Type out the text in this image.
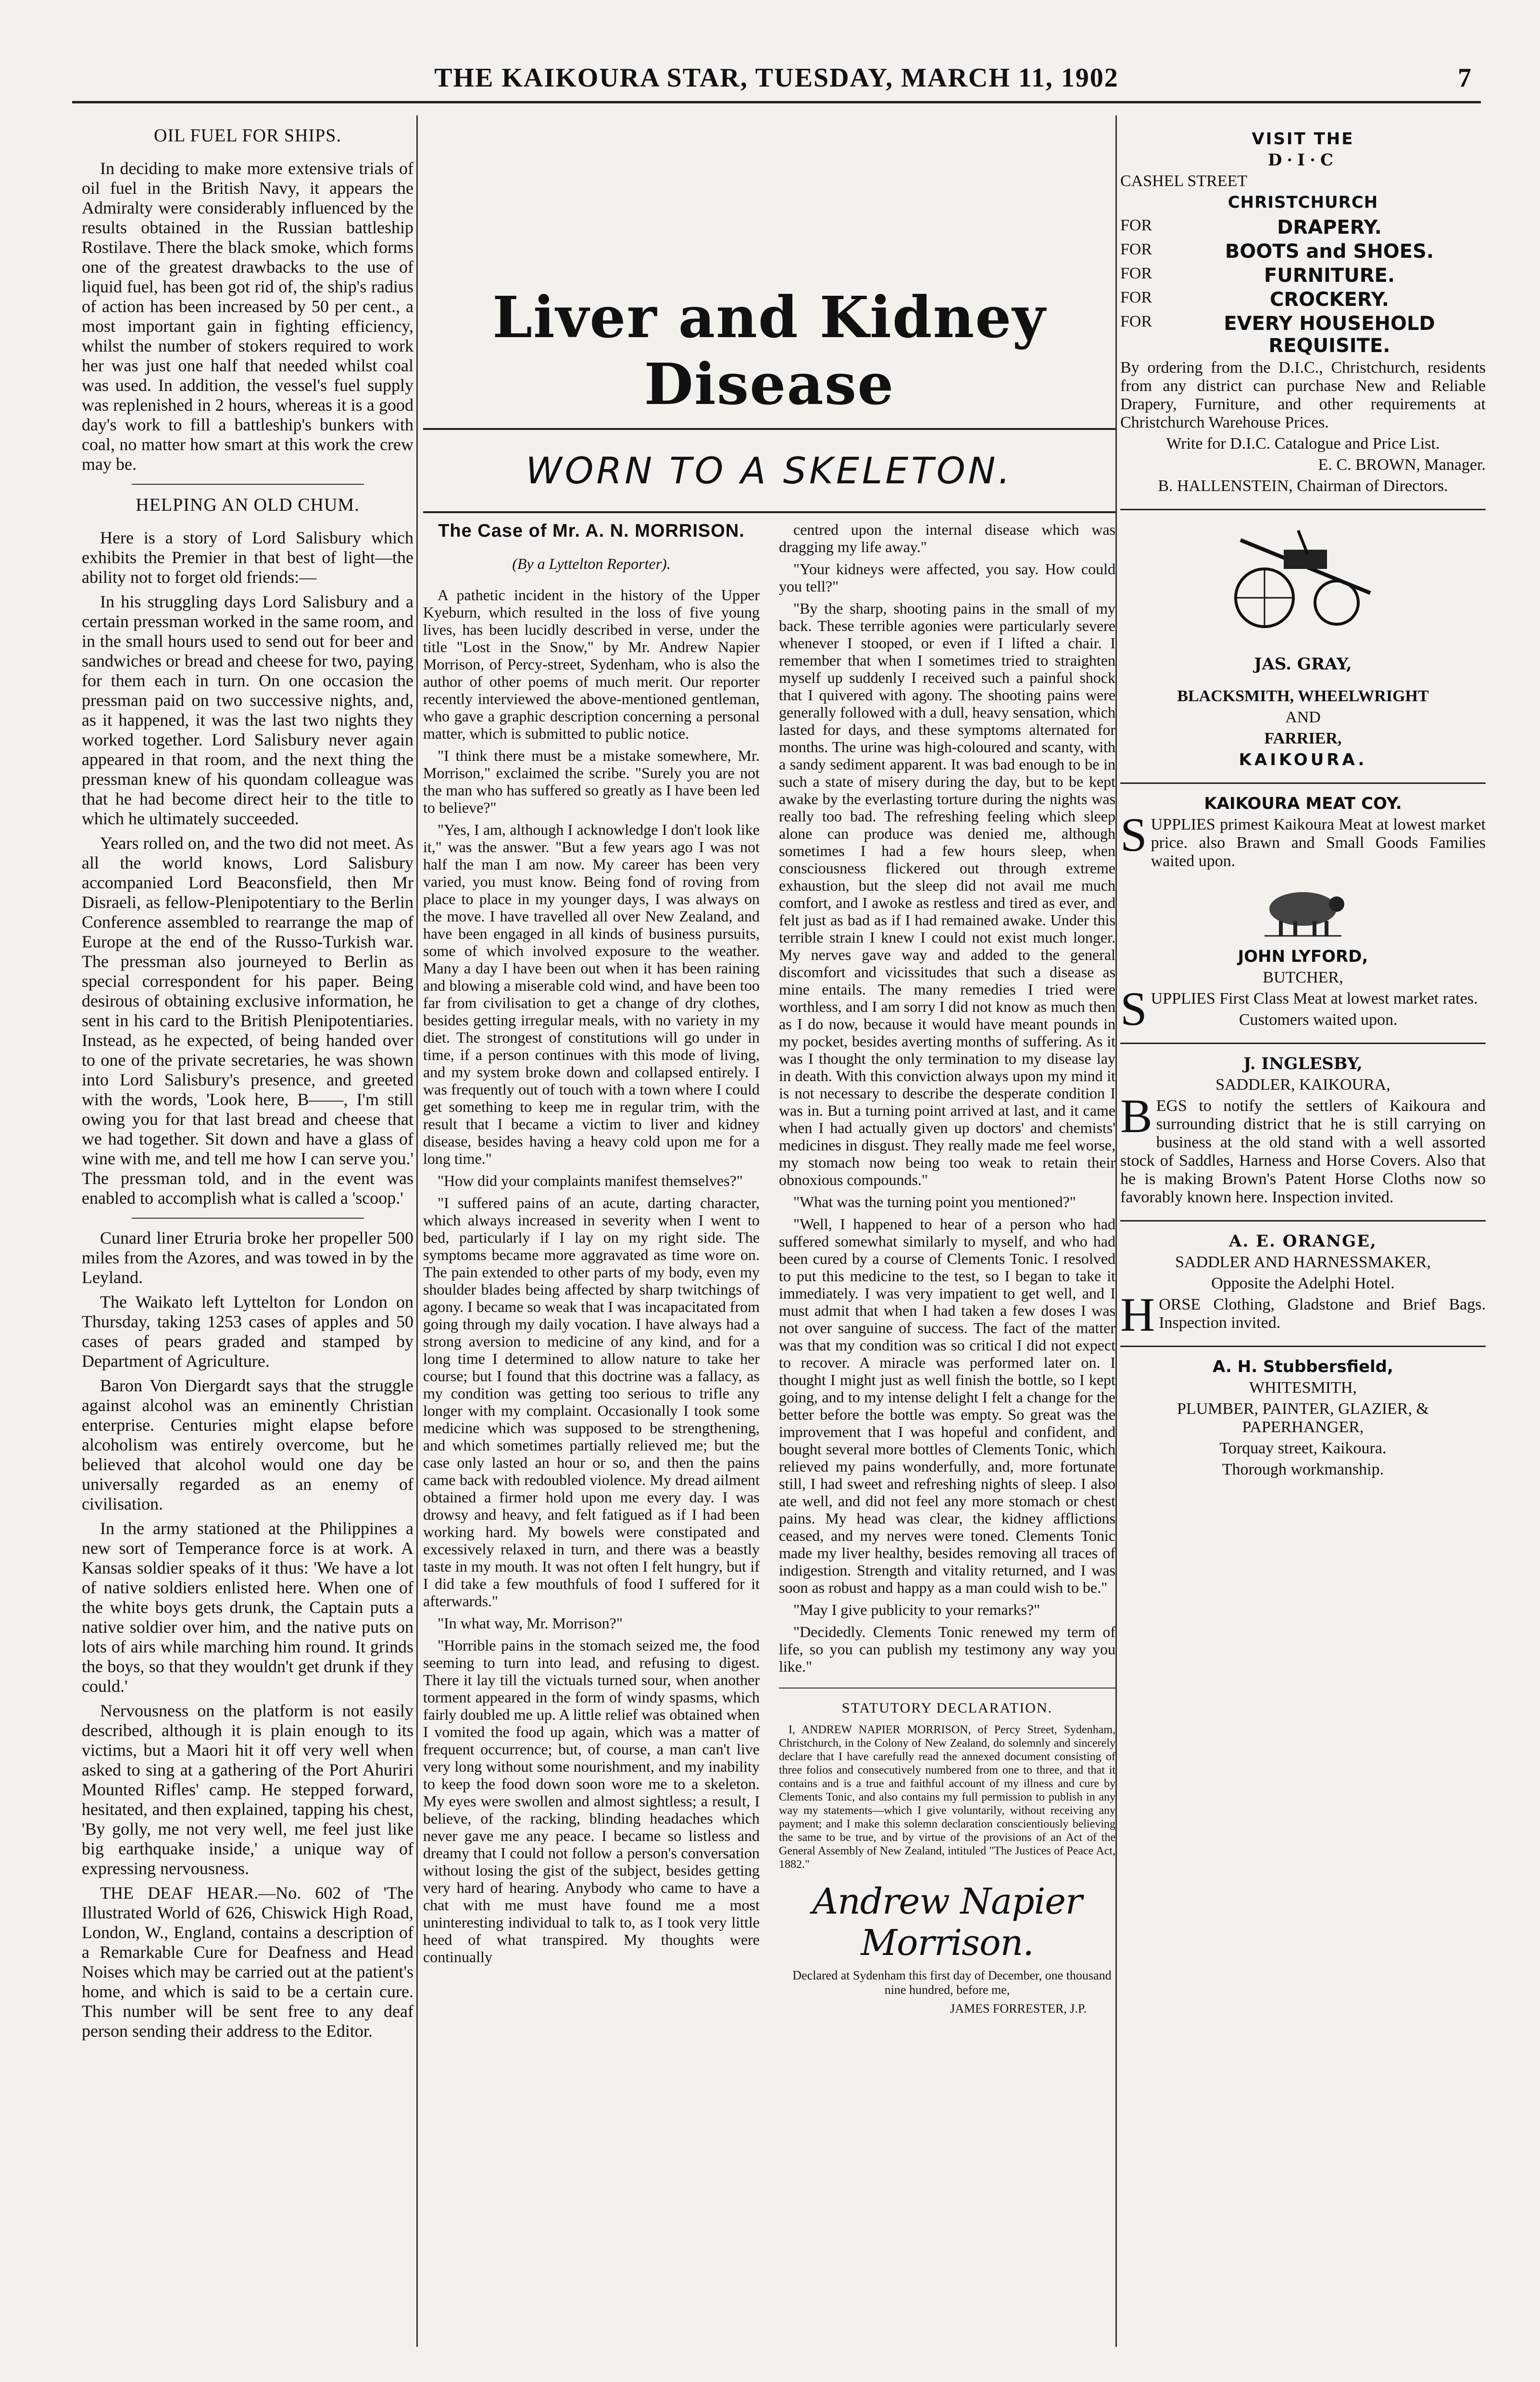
THE KAIKOURA STAR, TUESDAY, MARCH 11, 1902	7
OIL FUEL FOR SHIPS.

In deciding to make more extensive trials of oil fuel in the British Navy, it appears the Admiralty were considerably influenced by the results obtained in the Russian battleship Rostilave. There the black smoke, which forms one of the greatest drawbacks to the use of liquid fuel, has been got rid of, the ship's radius of action has been increased by 50 per cent., a most important gain in fighting efficiency, whilst the number of stokers required to work her was just one half that needed whilst coal was used. In addition, the vessel's fuel supply was replenished in 2 hours, whereas it is a good day's work to fill a battleship's bunkers with coal, no matter how smart at this work the crew may be.

HELPING AN OLD CHUM.

Here is a story of Lord Salisbury which exhibits the Premier in that best of light—the ability not to forget old friends:—

In his struggling days Lord Salisbury and a certain pressman worked in the same room, and in the small hours used to send out for beer and sandwiches or bread and cheese for two, paying for them each in turn. On one occasion the pressman paid on two successive nights, and, as it happened, it was the last two nights they worked together. Lord Salisbury never again appeared in that room, and the next thing the pressman knew of his quondam colleague was that he had become direct heir to the title to which he ultimately succeeded.

Years rolled on, and the two did not meet. As all the world knows, Lord Salisbury accompanied Lord Beaconsfield, then Mr Disraeli, as fellow-Plenipotentiary to the Berlin Conference assembled to rearrange the map of Europe at the end of the Russo-Turkish war. The pressman also journeyed to Berlin as special correspondent for his paper. Being desirous of obtaining exclusive information, he sent in his card to the British Plenipotentiaries. Instead, as he expected, of being handed over to one of the private secretaries, he was shown into Lord Salisbury's presence, and greeted with the words, 'Look here, B——, I'm still owing you for that last bread and cheese that we had together. Sit down and have a glass of wine with me, and tell me how I can serve you.' The pressman told, and in the event was enabled to accomplish what is called a 'scoop.'

Cunard liner Etruria broke her propeller 500 miles from the Azores, and was towed in by the Leyland.

The Waikato left Lyttelton for London on Thursday, taking 1253 cases of apples and 50 cases of pears graded and stamped by Department of Agriculture.

Baron Von Diergardt says that the struggle against alcohol was an eminently Christian enterprise. Centuries might elapse before alcoholism was entirely overcome, but he believed that alcohol would one day be universally regarded as an enemy of civilisation.

In the army stationed at the Philippines a new sort of Temperance force is at work. A Kansas soldier speaks of it thus: 'We have a lot of native soldiers enlisted here. When one of the white boys gets drunk, the Captain puts a native soldier over him, and the native puts on lots of airs while marching him round. It grinds the boys, so that they wouldn't get drunk if they could.'

Nervousness on the platform is not easily described, although it is plain enough to its victims, but a Maori hit it off very well when asked to sing at a gathering of the Port Ahuriri Mounted Rifles' camp. He stepped forward, hesitated, and then explained, tapping his chest, 'By golly, me not very well, me feel just like big earthquake inside,' a unique way of expressing nervousness.

THE DEAF HEAR.—No. 602 of 'The Illustrated World of 626, Chiswick High Road, London, W., England, contains a description of a Remarkable Cure for Deafness and Head Noises which may be carried out at the patient's home, and which is said to be a certain cure. This number will be sent free to any deaf person sending their address to the Editor.

Liver and Kidney Disease
WORN TO A SKELETON.
The Case of Mr. A. N. MORRISON.
(By a Lyttelton Reporter).

A pathetic incident in the history of the Upper Kyeburn, which resulted in the loss of five young lives, has been lucidly described in verse, under the title "Lost in the Snow," by Mr. Andrew Napier Morrison, of Percy-street, Sydenham, who is also the author of other poems of much merit. Our reporter recently interviewed the above-mentioned gentleman, who gave a graphic description concerning a personal matter, which is submitted to public notice.

"I think there must be a mistake somewhere, Mr. Morrison," exclaimed the scribe. "Surely you are not the man who has suffered so greatly as I have been led to believe?"

"Yes, I am, although I acknowledge I don't look like it," was the answer. "But a few years ago I was not half the man I am now. My career has been very varied, you must know. Being fond of roving from place to place in my younger days, I was always on the move. I have travelled all over New Zealand, and have been engaged in all kinds of business pursuits, some of which involved exposure to the weather. Many a day I have been out when it has been raining and blowing a miserable cold wind, and have been too far from civilisation to get a change of dry clothes, besides getting irregular meals, with no variety in my diet. The strongest of constitutions will go under in time, if a person continues with this mode of living, and my system broke down and collapsed entirely. I was frequently out of touch with a town where I could get something to keep me in regular trim, with the result that I became a victim to liver and kidney disease, besides having a heavy cold upon me for a long time."

"How did your complaints manifest themselves?"

"I suffered pains of an acute, darting character, which always increased in severity when I went to bed, particularly if I lay on my right side. The symptoms became more aggravated as time wore on. The pain extended to other parts of my body, even my shoulder blades being affected by sharp twitchings of agony. I became so weak that I was incapacitated from going through my daily vocation. I have always had a strong aversion to medicine of any kind, and for a long time I determined to allow nature to take her course; but I found that this doctrine was a fallacy, as my condition was getting too serious to trifle any longer with my complaint. Occasionally I took some medicine which was supposed to be strengthening, and which sometimes partially relieved me; but the case only lasted an hour or so, and then the pains came back with redoubled violence. My dread ailment obtained a firmer hold upon me every day. I was drowsy and heavy, and felt fatigued as if I had been working hard. My bowels were constipated and excessively relaxed in turn, and there was a beastly taste in my mouth. It was not often I felt hungry, but if I did take a few mouthfuls of food I suffered for it afterwards."

"In what way, Mr. Morrison?"

"Horrible pains in the stomach seized me, the food seeming to turn into lead, and refusing to digest. There it lay till the victuals turned sour, when another torment appeared in the form of windy spasms, which fairly doubled me up. A little relief was obtained when I vomited the food up again, which was a matter of frequent occurrence; but, of course, a man can't live very long without some nourishment, and my inability to keep the food down soon wore me to a skeleton. My eyes were swollen and almost sightless; a result, I believe, of the racking, blinding headaches which never gave me any peace. I became so listless and dreamy that I could not follow a person's conversation without losing the gist of the subject, besides getting very hard of hearing. Anybody who came to have a chat with me must have found me a most uninteresting individual to talk to, as I took very little heed of what transpired. My thoughts were continually

centred upon the internal disease which was dragging my life away."

"Your kidneys were affected, you say. How could you tell?"

"By the sharp, shooting pains in the small of my back. These terrible agonies were particularly severe whenever I stooped, or even if I lifted a chair. I remember that when I sometimes tried to straighten myself up suddenly I received such a painful shock that I quivered with agony. The shooting pains were generally followed with a dull, heavy sensation, which lasted for days, and these symptoms alternated for months. The urine was high-coloured and scanty, with a sandy sediment apparent. It was bad enough to be in such a state of misery during the day, but to be kept awake by the everlasting torture during the nights was really too bad. The refreshing feeling which sleep alone can produce was denied me, although sometimes I had a few hours sleep, when consciousness flickered out through extreme exhaustion, but the sleep did not avail me much comfort, and I awoke as restless and tired as ever, and felt just as bad as if I had remained awake. Under this terrible strain I knew I could not exist much longer. My nerves gave way and added to the general discomfort and vicissitudes that such a disease as mine entails. The many remedies I tried were worthless, and I am sorry I did not know as much then as I do now, because it would have meant pounds in my pocket, besides averting months of suffering. As it was I thought the only termination to my disease lay in death. With this conviction always upon my mind it is not necessary to describe the desperate condition I was in. But a turning point arrived at last, and it came when I had actually given up doctors' and chemists' medicines in disgust. They really made me feel worse, my stomach now being too weak to retain their obnoxious compounds."

"What was the turning point you mentioned?"

"Well, I happened to hear of a person who had suffered somewhat similarly to myself, and who had been cured by a course of Clements Tonic. I resolved to put this medicine to the test, so I began to take it immediately. I was very impatient to get well, and I must admit that when I had taken a few doses I was not over sanguine of success. The fact of the matter was that my condition was so critical I did not expect to recover. A miracle was performed later on. I thought I might just as well finish the bottle, so I kept going, and to my intense delight I felt a change for the better before the bottle was empty. So great was the improvement that I was hopeful and confident, and bought several more bottles of Clements Tonic, which relieved my pains wonderfully, and, more fortunate still, I had sweet and refreshing nights of sleep. I also ate well, and did not feel any more stomach or chest pains. My head was clear, the kidney afflictions ceased, and my nerves were toned. Clements Tonic made my liver healthy, besides removing all traces of indigestion. Strength and vitality returned, and I was soon as robust and happy as a man could wish to be."

"May I give publicity to your remarks?"

"Decidedly. Clements Tonic renewed my term of life, so you can publish my testimony any way you like."

STATUTORY DECLARATION.

I, ANDREW NAPIER MORRISON, of Percy Street, Sydenham, Christchurch, in the Colony of New Zealand, do solemnly and sincerely declare that I have carefully read the annexed document consisting of three folios and consecutively numbered from one to three, and that it contains and is a true and faithful account of my illness and cure by Clements Tonic, and also contains my full permission to publish in any way my statements—which I give voluntarily, without receiving any payment; and I make this solemn declaration conscientiously believing the same to be true, and by virtue of the provisions of an Act of the General Assembly of New Zealand, intituled "The Justices of Peace Act, 1882."

Andrew Napier Morrison.

Declared at Sydenham this first day of December, one thousand nine hundred, before me,

JAMES FORRESTER, J.P.

VISIT THE

D·I·C

CASHEL STREET

CHRISTCHURCH

FOR	DRAPERY.
FOR	BOOTS and SHOES.
FOR	FURNITURE.
FOR	CROCKERY.
FOR	EVERY HOUSEHOLD REQUISITE.

By ordering from the D.I.C., Christchurch, residents from any district can purchase New and Reliable Drapery, Furniture, and other requirements at Christchurch Warehouse Prices.

Write for D.I.C. Catalogue and Price List.

E. C. BROWN, Manager.

B. HALLENSTEIN, Chairman of Directors.

JAS. GRAY,

BLACKSMITH, WHEELWRIGHT

AND

FARRIER,

KAIKOURA.

KAIKOURA MEAT COY.

SUPPLIES primest Kaikoura Meat at lowest market price. also Brawn and Small Goods Families waited upon.

JOHN LYFORD,

BUTCHER,

SUPPLIES First Class Meat at lowest market rates.

Customers waited upon.

J. INGLESBY,

SADDLER, KAIKOURA,

BEGS to notify the settlers of Kaikoura and surrounding district that he is still carrying on business at the old stand with a well assorted stock of Saddles, Harness and Horse Covers. Also that he is making Brown's Patent Horse Cloths now so favorably known here. Inspection invited.

A. E. ORANGE,

SADDLER AND HARNESSMAKER,

Opposite the Adelphi Hotel.

HORSE Clothing, Gladstone and Brief Bags. Inspection invited.

A. H. Stubbersfield,

WHITESMITH,

PLUMBER, PAINTER, GLAZIER, & PAPERHANGER,

Torquay street, Kaikoura.

Thorough workmanship.
